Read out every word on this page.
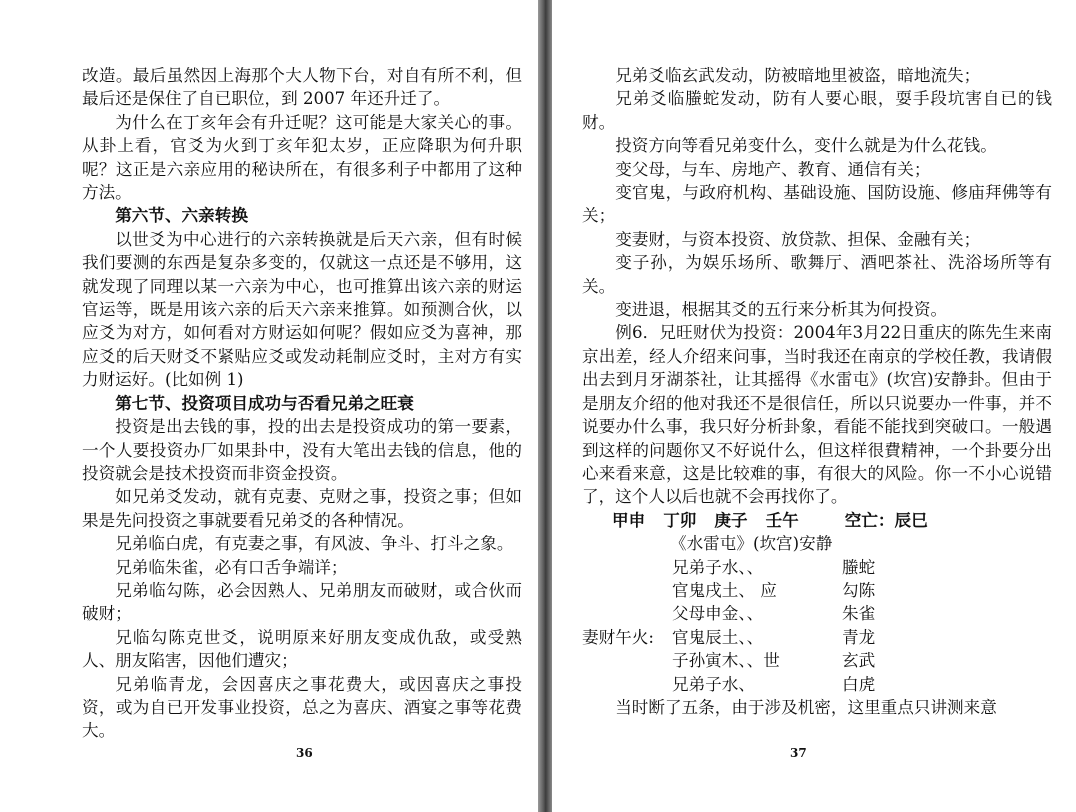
改造。最后虽然因上海那个大人物下台，对自有所不利，但最后还是保住了自已职位，到 2007 年还升迁了。

为什么在丁亥年会有升迁呢？这可能是大家关心的事。从卦上看，官爻为火到丁亥年犯太岁，正应降职为何升职呢？这正是六亲应用的秘诀所在，有很多利子中都用了这种方法。

第六节、六亲转换

以世爻为中心进行的六亲转换就是后天六亲，但有时候我们要测的东西是复杂多变的，仅就这一点还是不够用，这就发现了同理以某一六亲为中心，也可推算出该六亲的财运官运等，既是用该六亲的后天六亲来推算。如预测合伙，以应爻为对方，如何看对方财运如何呢？假如应爻为喜神，那应爻的后天财爻不紧贴应爻或发动耗制应爻时，主对方有实力财运好。(比如例 1)

第七节、投资项目成功与否看兄弟之旺衰

投资是出去钱的事，投的出去是投资成功的第一要素，一个人要投资办厂如果卦中，没有大笔出去钱的信息，他的投资就会是技术投资而非资金投资。

如兄弟爻发动，就有克妻、克财之事，投资之事；但如果是先问投资之事就要看兄弟爻的各种情况。

兄弟临白虎，有克妻之事，有风波、争斗、打斗之象。

兄弟临朱雀，必有口舌争端详；

兄弟临勾陈，必会因熟人、兄弟朋友而破财，或合伙而破财；

兄临勾陈克世爻，说明原来好朋友变成仇敌，或受熟人、朋友陷害，因他们遭灾；

兄弟临青龙，会因喜庆之事花费大，或因喜庆之事投资，或为自已开发事业投资，总之为喜庆、酒宴之事等花费大。

36

兄弟爻临玄武发动，防被暗地里被盗，暗地流失；

兄弟爻临螣蛇发动，防有人要心眼，耍手段坑害自已的钱财。

投资方向等看兄弟变什么，变什么就是为什么花钱。

变父母，与车、房地产、教育、通信有关；

变官鬼，与政府机构、基础设施、国防设施、修庙拜佛等有关；

变妻财，与资本投资、放贷款、担保、金融有关；

变子孙，为娱乐场所、歌舞厅、酒吧茶社、洗浴场所等有关。

变进退，根据其爻的五行来分析其为何投资。

例6．兄旺财伏为投资：2004年3月22日重庆的陈先生来南京出差，经人介绍来问事，当时我还在南京的学校任教，我请假出去到月牙湖茶社，让其摇得《水雷屯》(坎宫)安静卦。但由于是朋友介绍的他对我还不是很信任，所以只说要办一件事，并不说要办什么事，我只好分析卦象，看能不能找到突破口。一般遇到这样的问题你又不好说什么，但这样很費精神，一个卦要分出心来看来意，这是比较难的事，有很大的风险。你一不小心说错了，这个人以后也就不会再找你了。

甲申 丁卯 庚子 壬午	空亡：辰巳
《水雷屯》(坎宫)安静
兄弟子水、、	螣蛇
官鬼戌土、 应	勾陈
父母申金、、	朱雀
妻财午火:	官鬼辰土、、	青龙
子孙寅木、、世	玄武
兄弟子水、	白虎

当时断了五条，由于涉及机密，这里重点只讲测来意

37
